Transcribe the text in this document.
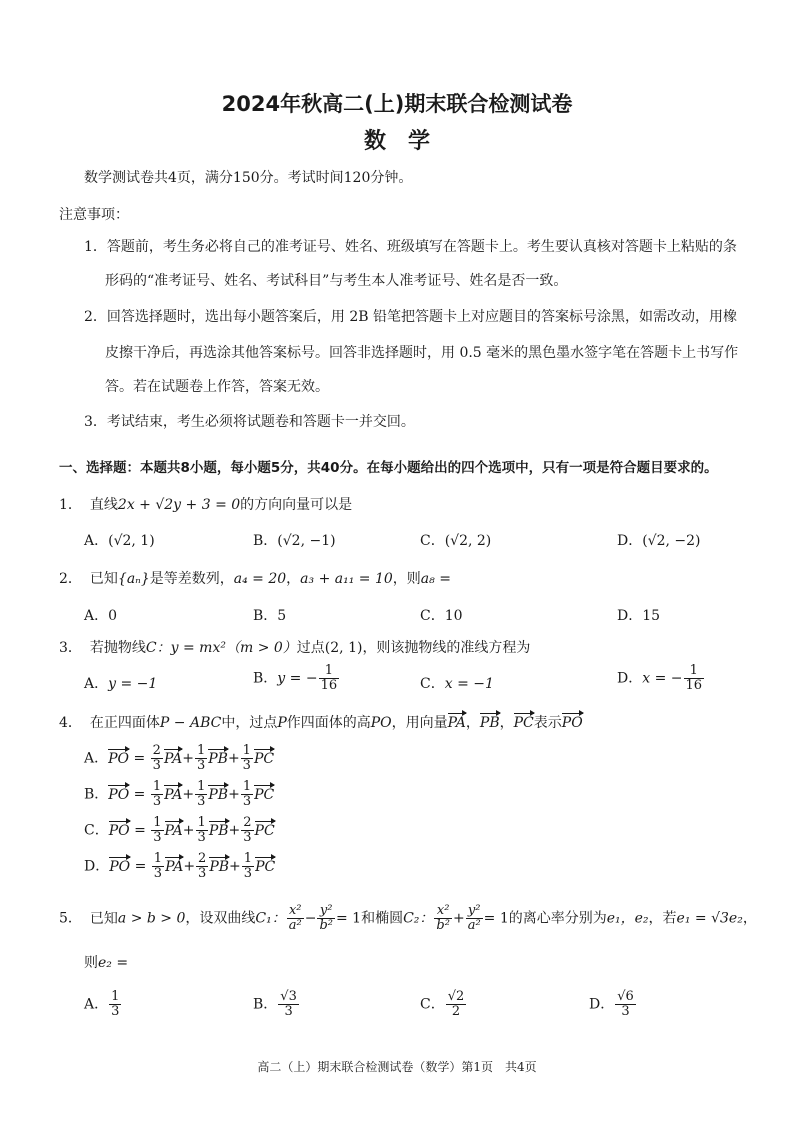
2024年秋高二(上)期末联合检测试卷
数学
数学测试卷共4页，满分150分。考试时间120分钟。
注意事项：
1．答题前，考生务必将自己的准考证号、姓名、班级填写在答题卡上。考生要认真核对答题卡上粘贴的条
形码的“准考证号、姓名、考试科目”与考生本人准考证号、姓名是否一致。
2．回答选择题时，选出每小题答案后，用 2B 铅笔把答题卡上对应题目的答案标号涂黑，如需改动，用橡
皮擦干净后，再选涂其他答案标号。回答非选择题时，用 0.5 毫米的黑色墨水签字笔在答题卡上书写作
答。若在试题卷上作答，答案无效。
3．考试结束，考生必须将试题卷和答题卡一并交回。
一、选择题：本题共8小题，每小题5分，共40分。在每小题给出的四个选项中，只有一项是符合题目要求的。
1． 直线2x + √2y + 3 = 0的方向向量可以是
A．(√2, 1)	B．(√2, −1)	C．(√2, 2)	D．(√2, −2)
2． 已知{aₙ}是等差数列，a₄ = 20，a₃ + a₁₁ = 10，则a₈ =
A．0	B．5	C．10	D．15
3． 若抛物线C：y = mx²（m > 0）过点(2, 1)，则该抛物线的准线方程为
A．y = −1	B．y = − $\frac{1}{16}$	C．x = −1	D．x = − $\frac{1}{16}$
4． 在正四面体P − ABC中，过点P作四面体的高PO，用向量PA，PB，PC表示PO
A．PO = $\frac{2}{3} PA+ \frac{1}{3} PB+ \frac{1}{3}$ PC
B．PO = $\frac{1}{3} PA+ \frac{1}{3} PB+ \frac{1}{3}$ PC
C．PO = $\frac{1}{3} PA+ \frac{1}{3} PB+ \frac{2}{3}$ PC
D．PO = $\frac{1}{3} PA+ \frac{2}{3} PB+ \frac{1}{3}$ PC
5． 已知a > b > 0，设双曲线C₁： $\frac{\text{x²}}{\text{a²}} - \frac{\text{y²}}{\text{b²}} = 1$和椭圆C₂： $\frac{\text{x²}}{\text{b²}} + \frac{\text{y²}}{\text{a²}} = 1$的离心率分别为e₁，e₂，若e₁ = √3e₂，
则e₂ =
A． $\frac{1}{3}$	B． $\frac{√3}{3}$	C． $\frac{√2}{2}$	D． $\frac{√6}{3}$
高二（上）期末联合检测试卷（数学）第1页　共4页
